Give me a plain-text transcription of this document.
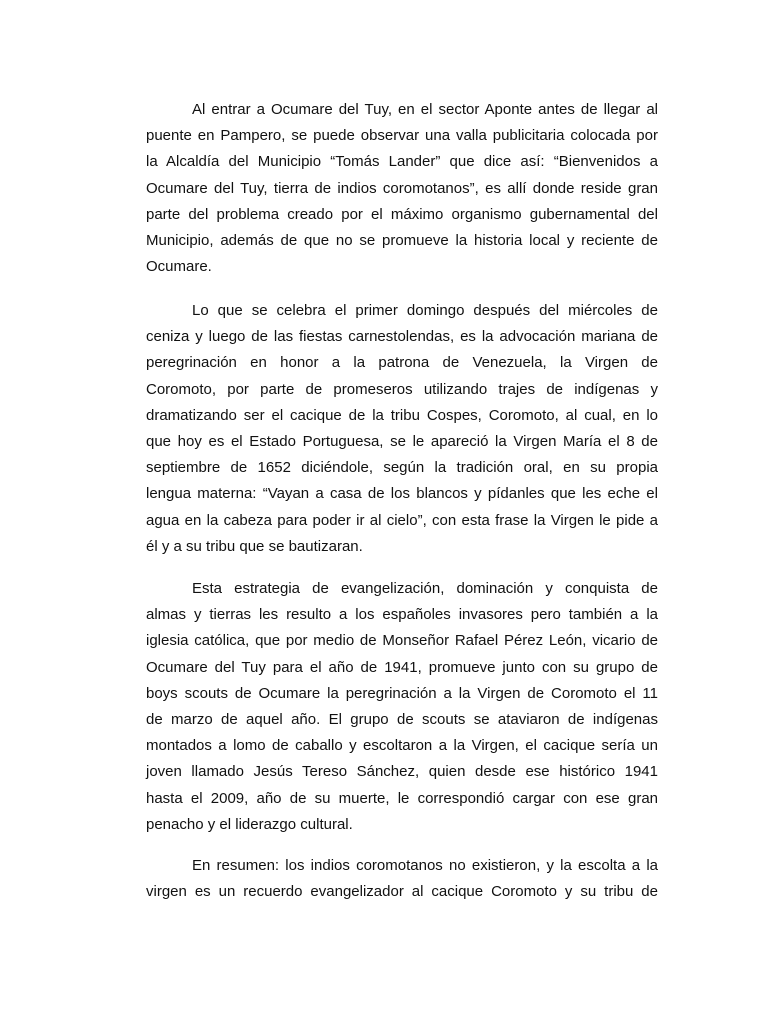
Al entrar a Ocumare del Tuy, en el sector Aponte antes de llegar al
puente en Pampero, se puede observar una valla publicitaria colocada por
la Alcaldía del Municipio “Tomás Lander” que dice así: “Bienvenidos a
Ocumare del Tuy, tierra de indios coromotanos”, es allí donde reside gran
parte del problema creado por el máximo organismo gubernamental del
Municipio, además de que no se promueve la historia local y reciente de
Ocumare.
Lo que se celebra el primer domingo después del miércoles de
ceniza y luego de las fiestas carnestolendas, es la advocación mariana de
peregrinación en honor a la patrona de Venezuela, la Virgen de
Coromoto, por parte de promeseros utilizando trajes de indígenas y
dramatizando ser el cacique de la tribu Cospes, Coromoto, al cual, en lo
que hoy es el Estado Portuguesa, se le apareció la Virgen María el 8 de
septiembre de 1652 diciéndole, según la tradición oral, en su propia
lengua materna: “Vayan a casa de los blancos y pídanles que les eche el
agua en la cabeza para poder ir al cielo”, con esta frase la Virgen le pide a
él y a su tribu que se bautizaran.
Esta estrategia de evangelización, dominación y conquista de
almas y tierras les resulto a los españoles invasores pero también a la
iglesia católica, que por medio de Monseñor Rafael Pérez León, vicario de
Ocumare del Tuy para el año de 1941, promueve junto con su grupo de
boys scouts de Ocumare la peregrinación a la Virgen de Coromoto el 11
de marzo de aquel año. El grupo de scouts se ataviaron de indígenas
montados a lomo de caballo y escoltaron a la Virgen, el cacique sería un
joven llamado Jesús Tereso Sánchez, quien desde ese histórico 1941
hasta el 2009, año de su muerte, le correspondió cargar con ese gran
penacho y el liderazgo cultural.
En resumen: los indios coromotanos no existieron, y la escolta a la
virgen es un recuerdo evangelizador al cacique Coromoto y su tribu de
